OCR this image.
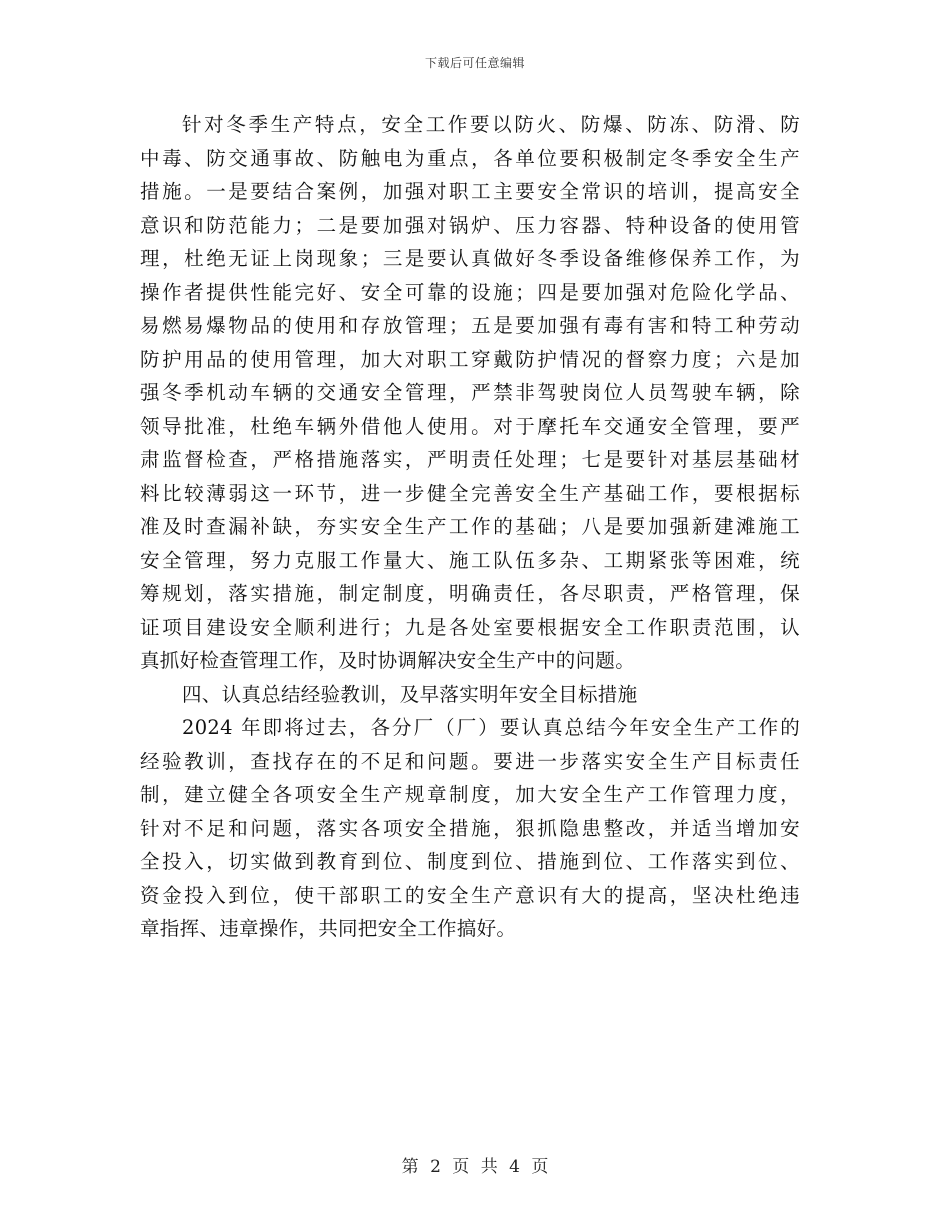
下载后可任意编辑
针对冬季生产特点，安全工作要以防火、防爆、防冻、防滑、防
中毒、防交通事故、防触电为重点，各单位要积极制定冬季安全生产
措施。一是要结合案例，加强对职工主要安全常识的培训，提高安全
意识和防范能力；二是要加强对锅炉、压力容器、特种设备的使用管
理，杜绝无证上岗现象；三是要认真做好冬季设备维修保养工作，为
操作者提供性能完好、安全可靠的设施；四是要加强对危险化学品、
易燃易爆物品的使用和存放管理；五是要加强有毒有害和特工种劳动
防护用品的使用管理，加大对职工穿戴防护情况的督察力度；六是加
强冬季机动车辆的交通安全管理，严禁非驾驶岗位人员驾驶车辆，除
领导批准，杜绝车辆外借他人使用。对于摩托车交通安全管理，要严
肃监督检查，严格措施落实，严明责任处理；七是要针对基层基础材
料比较薄弱这一环节，进一步健全完善安全生产基础工作，要根据标
准及时查漏补缺，夯实安全生产工作的基础；八是要加强新建滩施工
安全管理，努力克服工作量大、施工队伍多杂、工期紧张等困难，统
筹规划，落实措施，制定制度，明确责任，各尽职责，严格管理，保
证项目建设安全顺利进行；九是各处室要根据安全工作职责范围，认
真抓好检查管理工作，及时协调解决安全生产中的问题。
四、认真总结经验教训，及早落实明年安全目标措施
2024 年即将过去，各分厂（厂）要认真总结今年安全生产工作的
经验教训，查找存在的不足和问题。要进一步落实安全生产目标责任
制，建立健全各项安全生产规章制度，加大安全生产工作管理力度，
针对不足和问题，落实各项安全措施，狠抓隐患整改，并适当增加安
全投入，切实做到教育到位、制度到位、措施到位、工作落实到位、
资金投入到位，使干部职工的安全生产意识有大的提高，坚决杜绝违
章指挥、违章操作，共同把安全工作搞好。
第 2 页 共 4 页
